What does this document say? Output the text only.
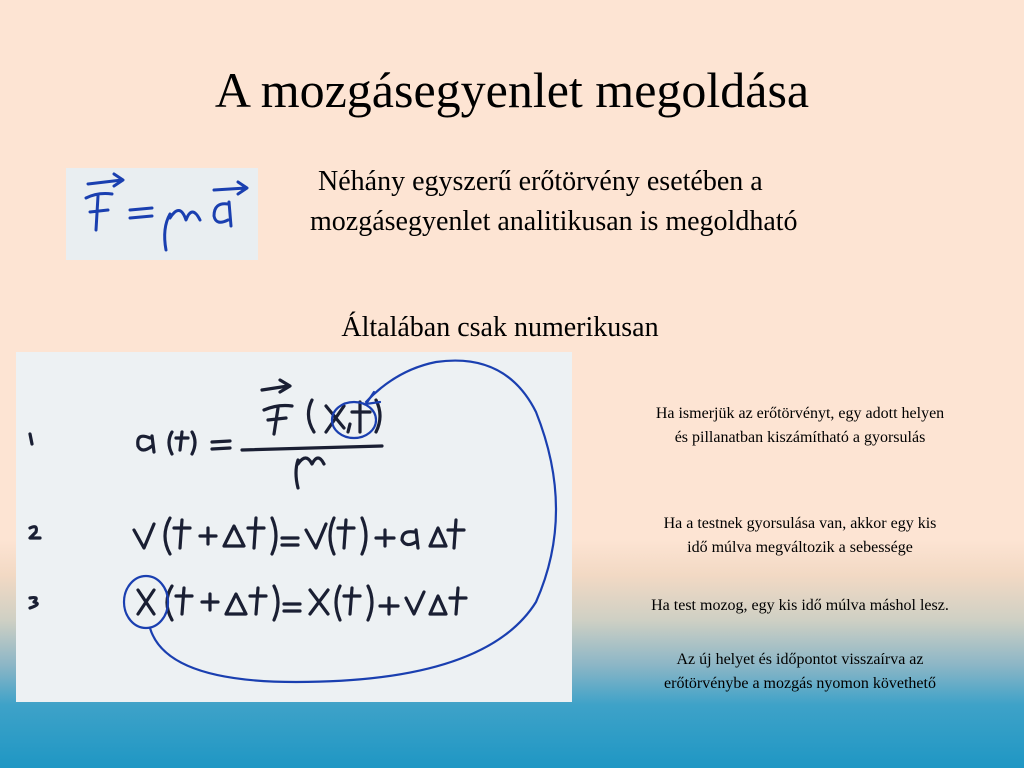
A mozgásegyenlet megoldása
Néhány egyszerű erőtörvény esetében a
mozgásegyenlet analitikusan is megoldható
Általában csak numerikusan
Ha ismerjük az erőtörvényt, egy adott helyen
és pillanatban kiszámítható a gyorsulás
Ha a testnek gyorsulása van, akkor egy kis
idő múlva megváltozik a sebessége
Ha test mozog, egy kis idő múlva máshol lesz.
Az új helyet és időpontot visszaírva az
erőtörvénybe a mozgás nyomon követhető
